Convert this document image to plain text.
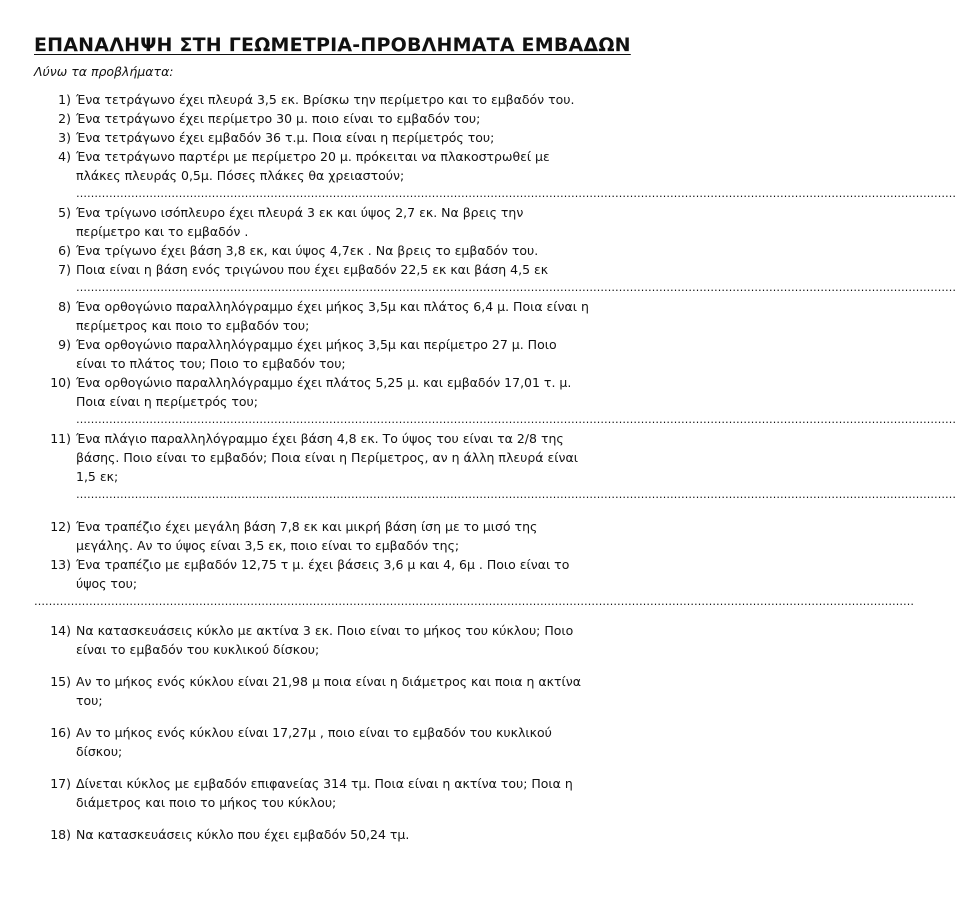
ΕΠΑΝΑΛΗΨΗ ΣΤΗ ΓΕΩΜΕΤΡΙΑ-ΠΡΟΒΛΗΜΑΤΑ ΕΜΒΑΔΩΝ

Λύνω τα προβλήματα:

1) Ένα τετράγωνο έχει πλευρά 3,5 εκ. Βρίσκω την περίμετρο και το εμβαδόν του.
2) Ένα τετράγωνο έχει περίμετρο 30 μ. ποιο είναι το εμβαδόν του;
3) Ένα τετράγωνο έχει εμβαδόν 36 τ.μ. Ποια είναι η περίμετρός του;
4) Ένα τετράγωνο παρτέρι με περίμετρο 20 μ. πρόκειται να πλακοστρωθεί με πλάκες πλευράς 0,5μ. Πόσες πλάκες θα χρειαστούν;
……………………………………………………………………………………………………………………………………………………………………………………………………………………
5) Ένα τρίγωνο ισόπλευρο έχει πλευρά 3 εκ και ύψος 2,7 εκ. Να βρεις την περίμετρο και το εμβαδόν .
6) Ένα τρίγωνο έχει βάση 3,8 εκ, και ύψος 4,7εκ . Να βρεις το εμβαδόν του.
7) Ποια είναι η βάση ενός τριγώνου που έχει εμβαδόν 22,5 εκ και βάση 4,5 εκ
……………………………………………………………………………………………………………………………………………………………………………………………………………………
8) Ένα ορθογώνιο παραλληλόγραμμο έχει μήκος 3,5μ και πλάτος 6,4 μ. Ποια είναι η περίμετρος και ποιο το εμβαδόν του;
9) Ένα ορθογώνιο παραλληλόγραμμο έχει μήκος 3,5μ και περίμετρο 27 μ. Ποιο είναι το πλάτος του; Ποιο το εμβαδόν του;
10) Ένα ορθογώνιο παραλληλόγραμμο έχει πλάτος 5,25 μ. και εμβαδόν 17,01 τ. μ. Ποια είναι η περίμετρός του;
……………………………………………………………………………………………………………………………………………………………………………………………………………………
11) Ένα πλάγιο παραλληλόγραμμο έχει βάση 4,8 εκ. Το ύψος του είναι τα 2/8 της βάσης. Ποιο είναι το εμβαδόν; Ποια είναι η Περίμετρος, αν η άλλη πλευρά είναι 1,5 εκ;
……………………………………………………………………………………………………………………………………………………………………………………………………………………
12) Ένα τραπέζιο έχει μεγάλη βάση 7,8 εκ και μικρή βάση ίση με το μισό της μεγάλης. Αν το ύψος είναι 3,5 εκ, ποιο είναι το εμβαδόν της;
13) Ένα τραπέζιο με εμβαδόν 12,75 τ μ. έχει βάσεις 3,6 μ και 4, 6μ . Ποιο είναι το ύψος του;
……………………………………………………………………………………………………………………………………………………………………………………………………………………
14) Να κατασκευάσεις κύκλο με ακτίνα 3 εκ. Ποιο είναι το μήκος του κύκλου; Ποιο είναι το εμβαδόν του κυκλικού δίσκου;
15) Αν το μήκος ενός κύκλου είναι 21,98 μ ποια είναι η διάμετρος και ποια η ακτίνα του;
16) Αν το μήκος ενός κύκλου είναι 17,27μ , ποιο είναι το εμβαδόν του κυκλικού δίσκου;
17) Δίνεται κύκλος με εμβαδόν επιφανείας 314 τμ. Ποια είναι η ακτίνα του; Ποια η διάμετρος και ποιο το μήκος του κύκλου;
18) Να κατασκευάσεις κύκλο που έχει εμβαδόν 50,24 τμ.
